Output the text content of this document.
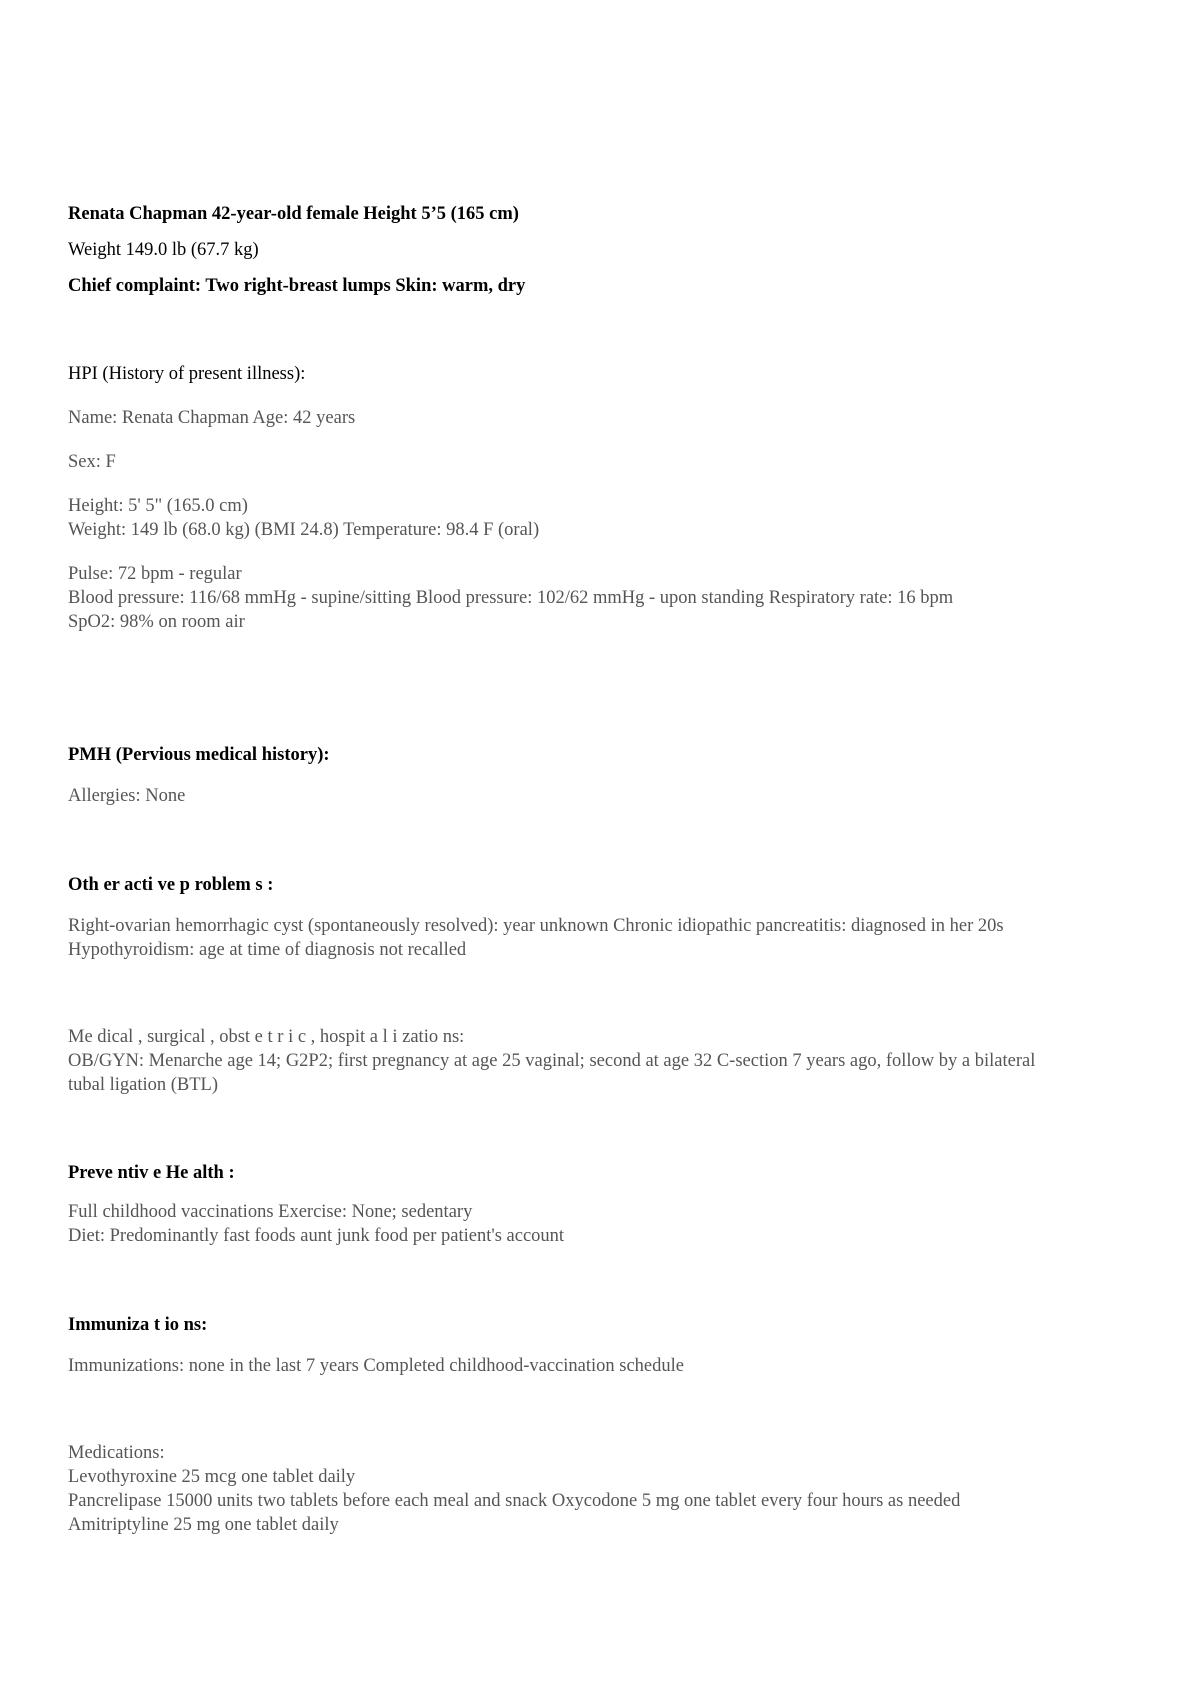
Renata Chapman 42-year-old female Height 5’5 (165 cm)
Weight 149.0 lb (67.7 kg)
Chief complaint: Two right-breast lumps Skin: warm, dry
HPI (History of present illness):
Name: Renata Chapman Age: 42 years
Sex: F
Height: 5' 5" (165.0 cm)
Weight: 149 lb (68.0 kg) (BMI 24.8) Temperature: 98.4 F (oral)
Pulse: 72 bpm - regular
Blood pressure: 116/68 mmHg - supine/sitting Blood pressure: 102/62 mmHg - upon standing Respiratory rate: 16 bpm
SpO2: 98% on room air
PMH (Pervious medical history):
Allergies: None
Oth er acti ve p roblem s :
Right-ovarian hemorrhagic cyst (spontaneously resolved): year unknown Chronic idiopathic pancreatitis: diagnosed in her 20s
Hypothyroidism: age at time of diagnosis not recalled
Me dical , surgical , obst e t r i c , hospit a l i zatio ns:
OB/GYN: Menarche age 14; G2P2; first pregnancy at age 25 vaginal; second at age 32 C-section 7 years ago, follow by a bilateral
tubal ligation (BTL)
Preve ntiv e He alth :
Full childhood vaccinations Exercise: None; sedentary
Diet: Predominantly fast foods aunt junk food per patient's account
Immuniza t io ns:
Immunizations: none in the last 7 years Completed childhood-vaccination schedule
Medications:
Levothyroxine 25 mcg one tablet daily
Pancrelipase 15000 units two tablets before each meal and snack Oxycodone 5 mg one tablet every four hours as needed
Amitriptyline 25 mg one tablet daily
